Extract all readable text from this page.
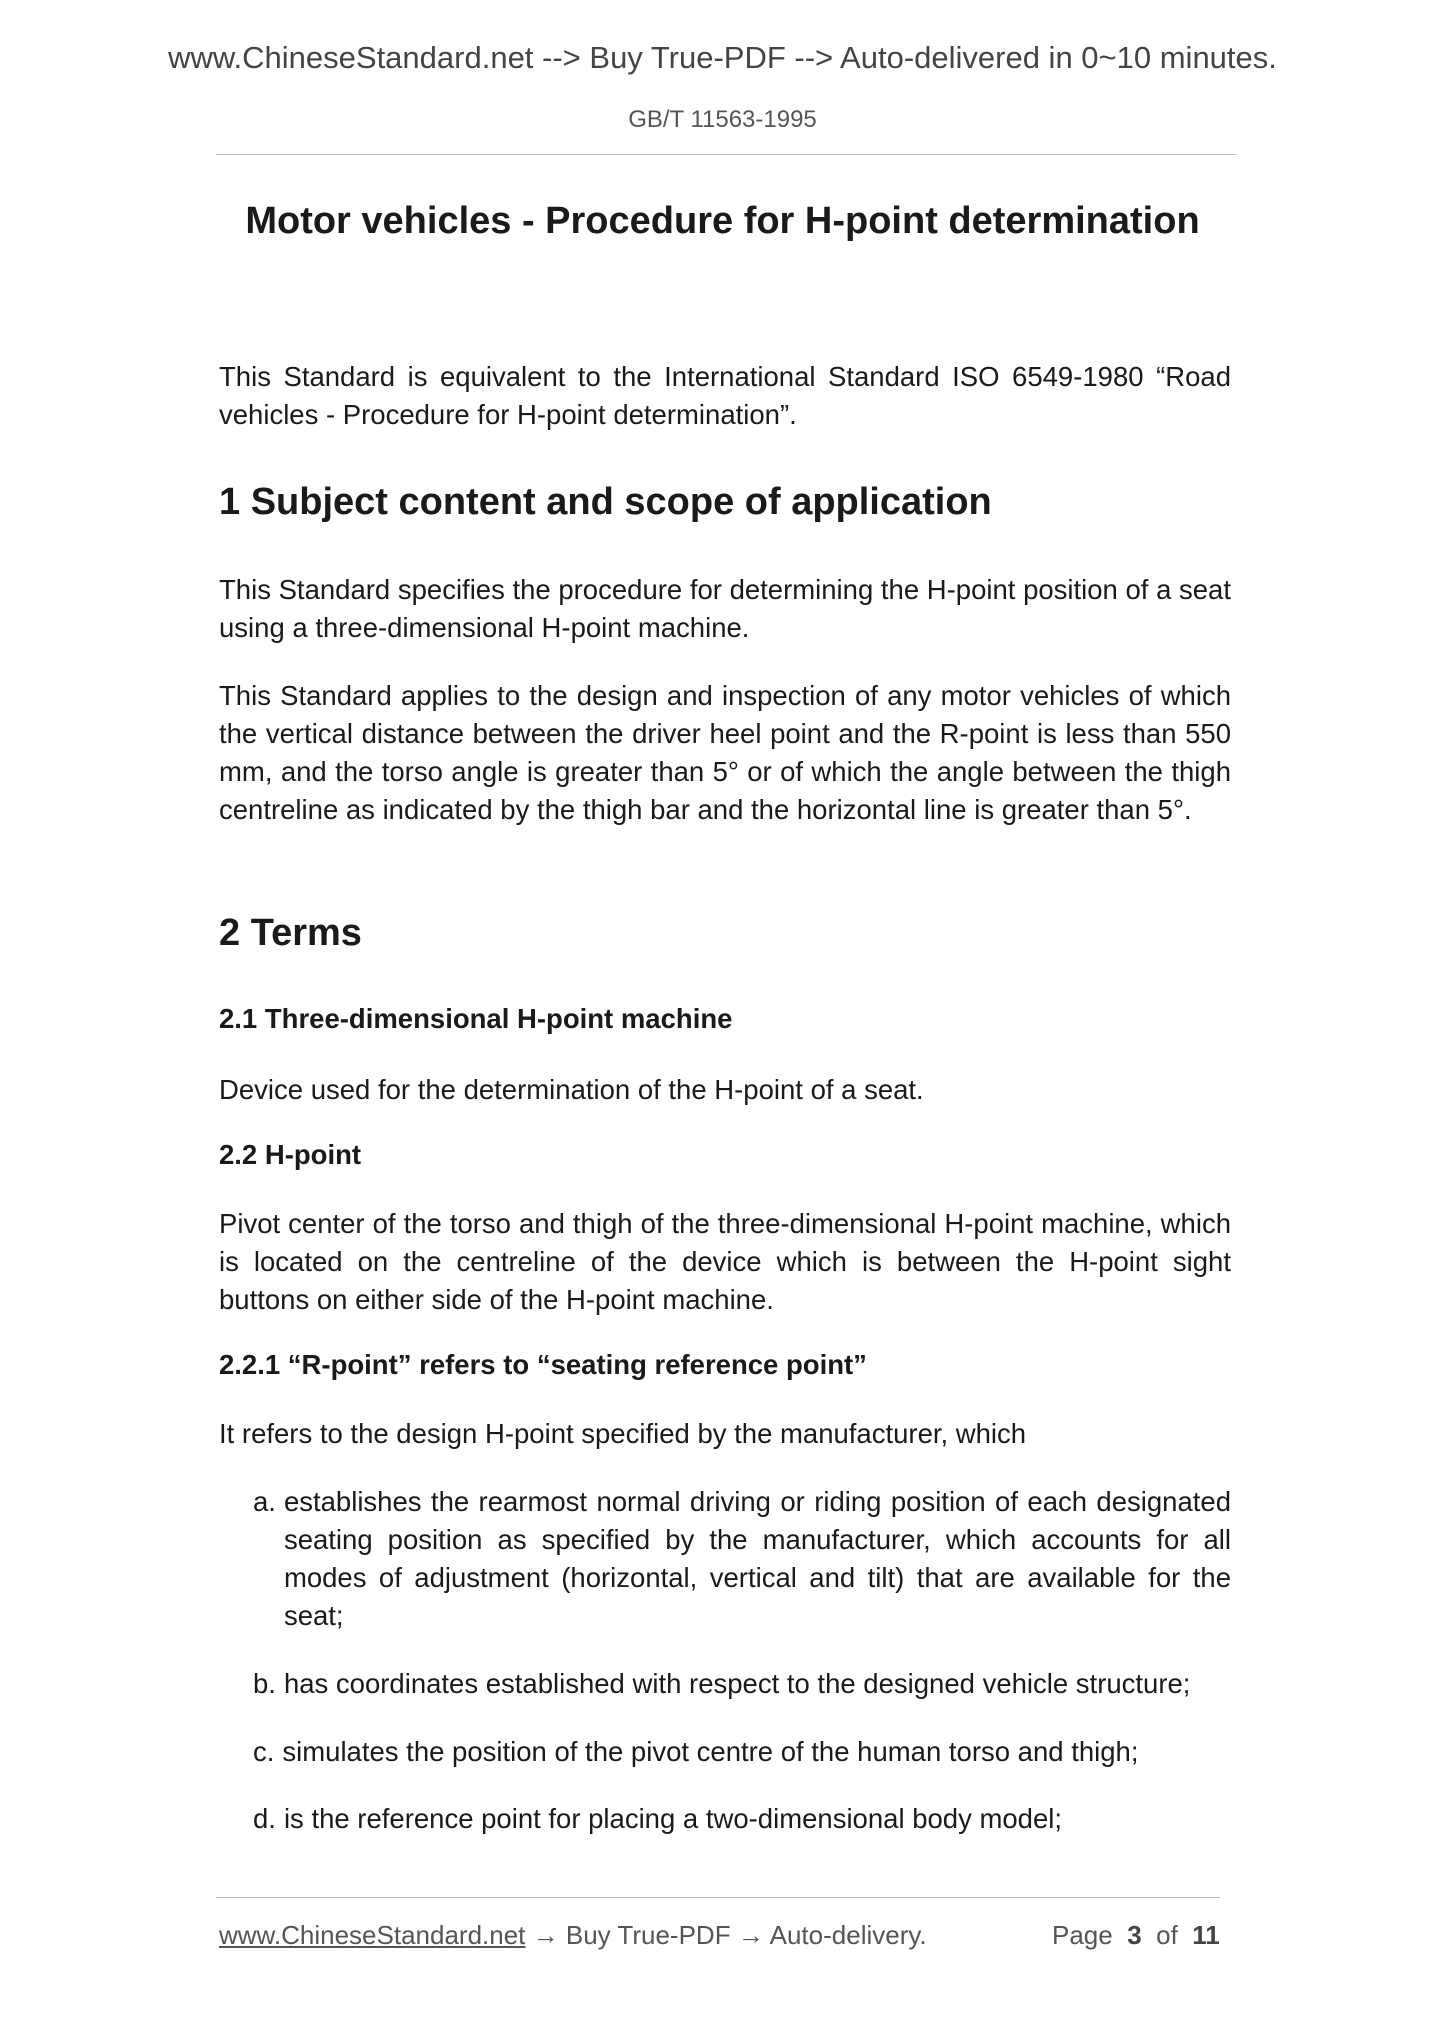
www.ChineseStandard.net --> Buy True-PDF --> Auto-delivered in 0~10 minutes.
GB/T 11563-1995
Motor vehicles - Procedure for H-point determination

This Standard is equivalent to the International Standard ISO 6549-1980 “Road vehicles - Procedure for H-point determination”.

1 Subject content and scope of application

This Standard specifies the procedure for determining the H-point position of a seat using a three-dimensional H-point machine.

This Standard applies to the design and inspection of any motor vehicles of which the vertical distance between the driver heel point and the R-point is less than 550 mm, and the torso angle is greater than 5° or of which the angle between the thigh centreline as indicated by the thigh bar and the horizontal line is greater than 5°.

2 Terms
2.1 Three-dimensional H-point machine

Device used for the determination of the H-point of a seat.

2.2 H-point

Pivot center of the torso and thigh of the three-dimensional H-point machine, which is located on the centreline of the device which is between the H-point sight buttons on either side of the H-point machine.

2.2.1 “R-point” refers to “seating reference point”

It refers to the design H-point specified by the manufacturer, which

a. establishes the rearmost normal driving or riding position of each designated seating position as specified by the manufacturer, which accounts for all modes of adjustment (horizontal, vertical and tilt) that are available for the seat;
b. has coordinates established with respect to the designed vehicle structure;
c. simulates the position of the pivot centre of the human torso and thigh;
d. is the reference point for placing a two-dimensional body model;
www.ChineseStandard.net → Buy True-PDF → Auto-delivery.	Page 3 of 11
